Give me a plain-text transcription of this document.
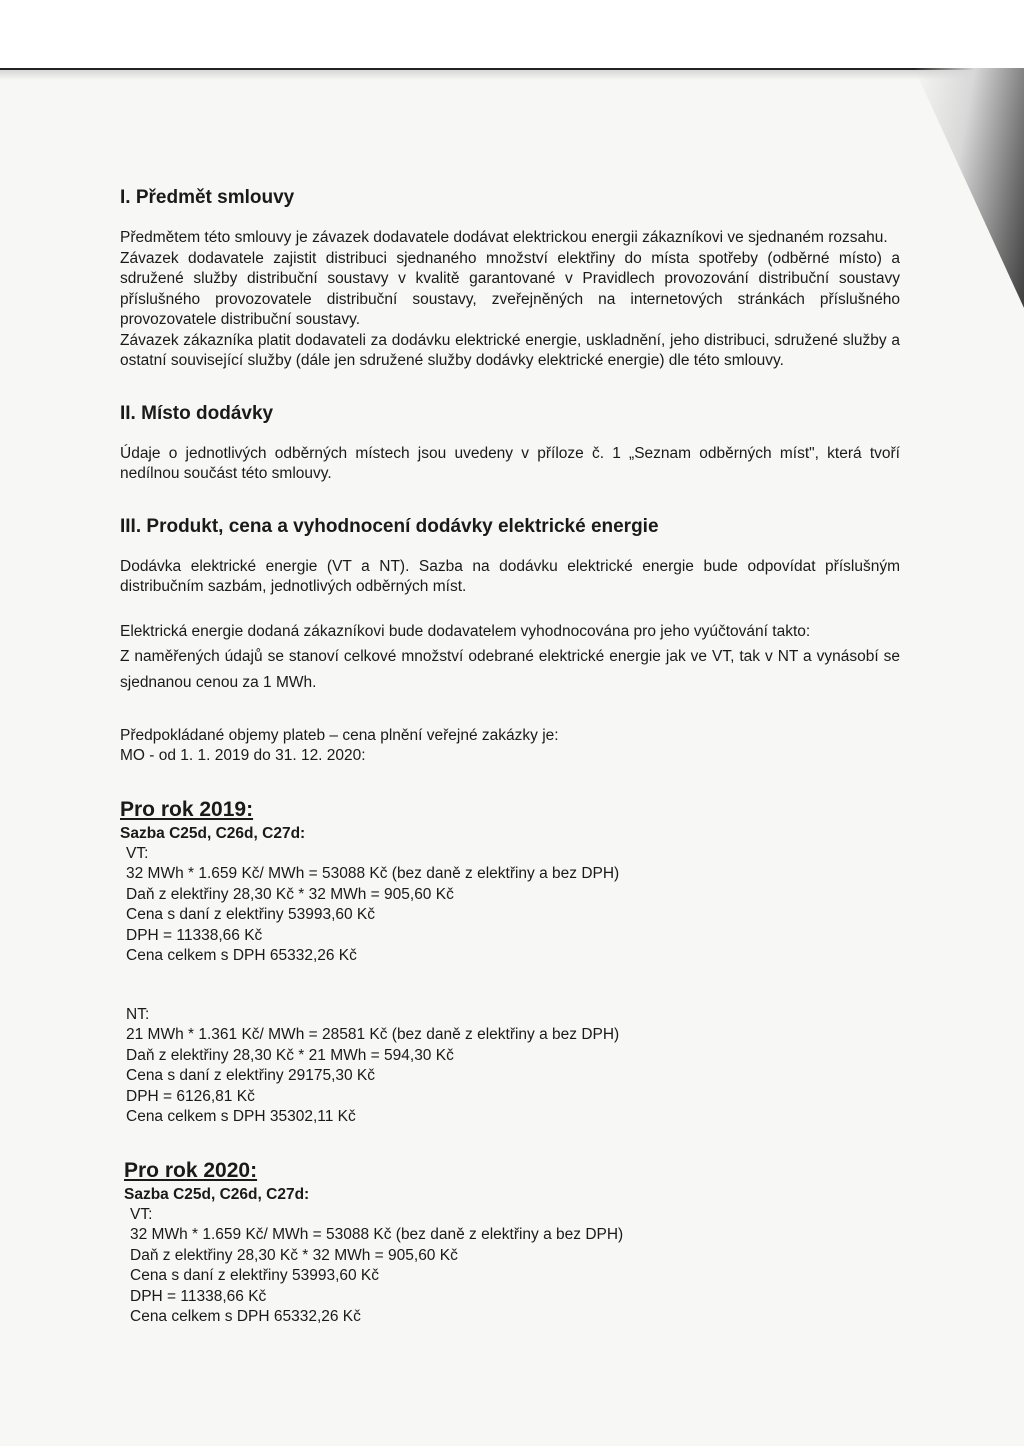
I. Předmět smlouvy

Předmětem této smlouvy je závazek dodavatele dodávat elektrickou energii zákazníkovi ve sjednaném rozsahu.

Závazek dodavatele zajistit distribuci sjednaného množství elektřiny do místa spotřeby (odběrné místo) a sdružené služby distribuční soustavy v kvalitě garantované v Pravidlech provozování distribuční soustavy příslušného provozovatele distribuční soustavy, zveřejněných na internetových stránkách příslušného provozovatele distribuční soustavy.

Závazek zákazníka platit dodavateli za dodávku elektrické energie, uskladnění, jeho distribuci, sdružené služby a ostatní související služby (dále jen sdružené služby dodávky elektrické energie) dle této smlouvy.

II. Místo dodávky

Údaje o jednotlivých odběrných místech jsou uvedeny v příloze č. 1 „Seznam odběrných míst", která tvoří nedílnou součást této smlouvy.

III. Produkt, cena a vyhodnocení dodávky elektrické energie

Dodávka elektrické energie (VT a NT). Sazba na dodávku elektrické energie bude odpovídat příslušným distribučním sazbám, jednotlivých odběrných míst.

Elektrická energie dodaná zákazníkovi bude dodavatelem vyhodnocována pro jeho vyúčtování takto:

Z naměřených údajů se stanoví celkové množství odebrané elektrické energie jak ve VT, tak v NT a vynásobí se sjednanou cenou za 1 MWh.

Předpokládané objemy plateb – cena plnění veřejné zakázky je:

MO - od 1. 1. 2019 do 31. 12. 2020:

Pro rok 2019:
Sazba C25d, C26d, C27d:
VT:
32 MWh * 1.659 Kč/ MWh = 53088 Kč (bez daně z elektřiny a bez DPH)
Daň z elektřiny 28,30 Kč * 32 MWh = 905,60 Kč
Cena s daní z elektřiny 53993,60 Kč
DPH = 11338,66 Kč
Cena celkem s DPH 65332,26 Kč
NT:
21 MWh * 1.361 Kč/ MWh = 28581 Kč (bez daně z elektřiny a bez DPH)
Daň z elektřiny 28,30 Kč * 21 MWh = 594,30 Kč
Cena s daní z elektřiny 29175,30 Kč
DPH = 6126,81 Kč
Cena celkem s DPH 35302,11 Kč
Pro rok 2020:
Sazba C25d, C26d, C27d:
VT:
32 MWh * 1.659 Kč/ MWh = 53088 Kč (bez daně z elektřiny a bez DPH)
Daň z elektřiny 28,30 Kč * 32 MWh = 905,60 Kč
Cena s daní z elektřiny 53993,60 Kč
DPH = 11338,66 Kč
Cena celkem s DPH 65332,26 Kč
